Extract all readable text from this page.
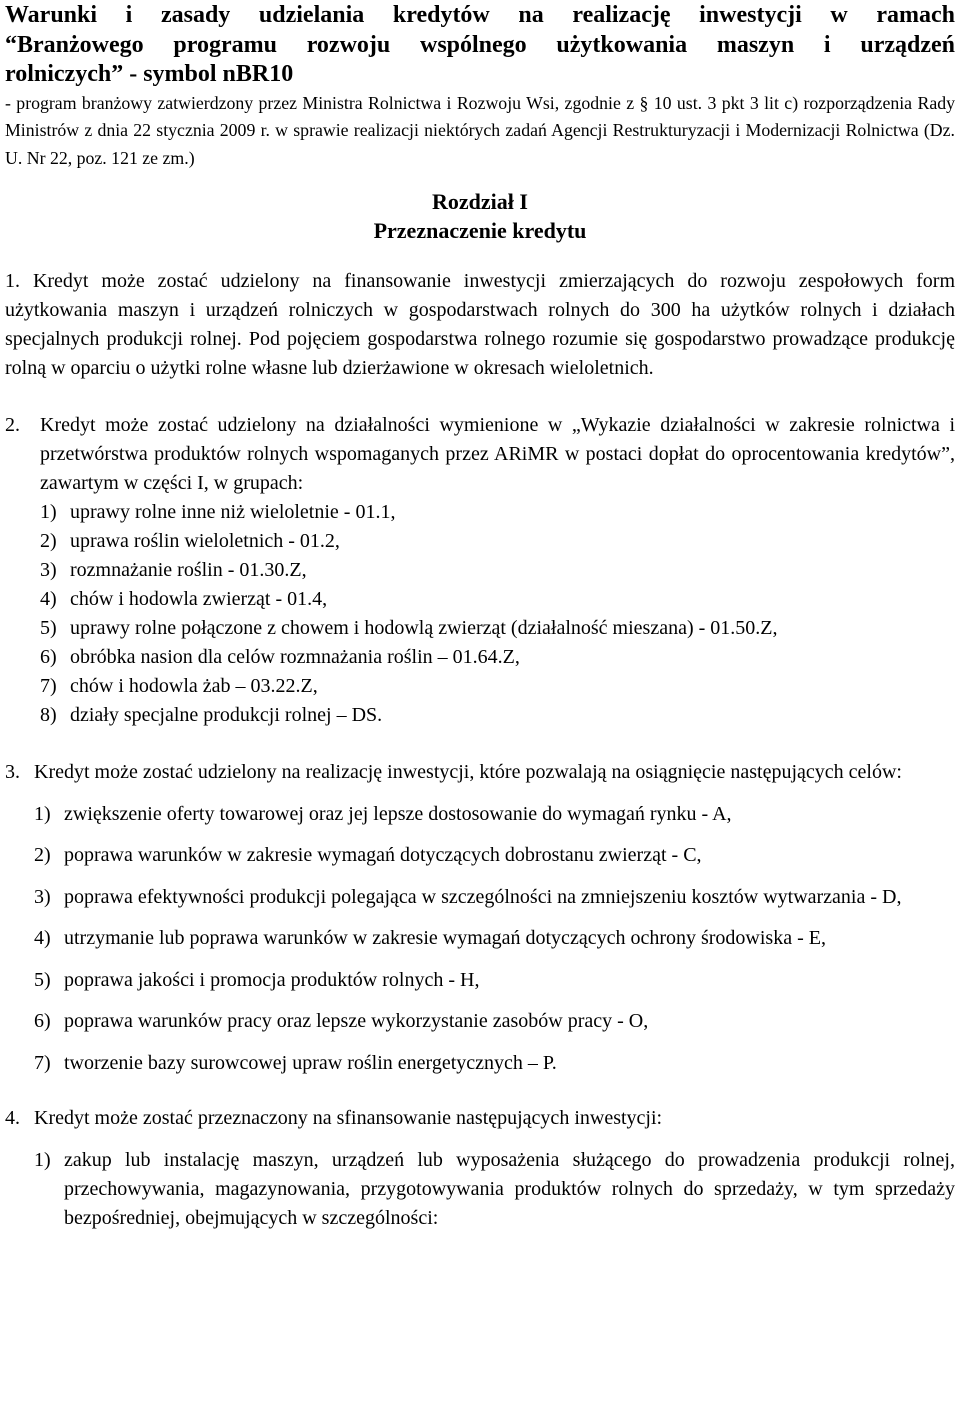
Warunki i zasady udzielania kredytów na realizację inwestycji w ramach
“Branżowego programu rozwoju wspólnego użytkowania maszyn i urządzeń
rolniczych” - symbol nBR10

- program branżowy zatwierdzony przez Ministra Rolnictwa i Rozwoju Wsi, zgodnie z § 10 ust. 3 pkt 3 lit c) rozporządzenia Rady Ministrów z dnia 22 stycznia 2009 r. w sprawie realizacji niektórych zadań Agencji Restrukturyzacji i Modernizacji Rolnictwa (Dz. U. Nr 22, poz. 121 ze zm.)

Rozdział I
Przeznaczenie kredytu
1. Kredyt może zostać udzielony na finansowanie inwestycji zmierzających do rozwoju zespołowych form użytkowania maszyn i urządzeń rolniczych w gospodarstwach rolnych do 300 ha użytków rolnych i działach specjalnych produkcji rolnej. Pod pojęciem gospodarstwa rolnego rozumie się gospodarstwo prowadzące produkcję rolną w oparciu o użytki rolne własne lub dzierżawione w okresach wieloletnich.
2.	Kredyt może zostać udzielony na działalności wymienione w „Wykazie działalności w zakresie rolnictwa i przetwórstwa produktów rolnych wspomaganych przez ARiMR w postaci dopłat do oprocentowania kredytów”, zawartym w części I, w grupach:
1) uprawy rolne inne niż wieloletnie - 01.1,
2) uprawa roślin wieloletnich - 01.2,
3) rozmnażanie roślin - 01.30.Z,
4) chów i hodowla zwierząt - 01.4,
5) uprawy rolne połączone z chowem i hodowlą zwierząt (działalność mieszana) - 01.50.Z,
6) obróbka nasion dla celów rozmnażania roślin – 01.64.Z,
7) chów i hodowla żab – 03.22.Z,
8) działy specjalne produkcji rolnej – DS.
3. Kredyt może zostać udzielony na realizację inwestycji, które pozwalają na osiągnięcie następujących celów:
1) zwiększenie oferty towarowej oraz jej lepsze dostosowanie do wymagań rynku - A,
2) poprawa warunków w zakresie wymagań dotyczących dobrostanu zwierząt - C,
3) poprawa efektywności produkcji polegająca w szczególności na zmniejszeniu kosztów wytwarzania - D,
4) utrzymanie lub poprawa warunków w zakresie wymagań dotyczących ochrony środowiska - E,
5) poprawa jakości i promocja produktów rolnych - H,
6) poprawa warunków pracy oraz lepsze wykorzystanie zasobów pracy - O,
7) tworzenie bazy surowcowej upraw roślin energetycznych – P.
4. Kredyt może zostać przeznaczony na sfinansowanie następujących inwestycji:
1) zakup lub instalację maszyn, urządzeń lub wyposażenia służącego do prowadzenia produkcji rolnej, przechowywania, magazynowania, przygotowywania produktów rolnych do sprzedaży, w tym sprzedaży bezpośredniej, obejmujących w szczególności:
